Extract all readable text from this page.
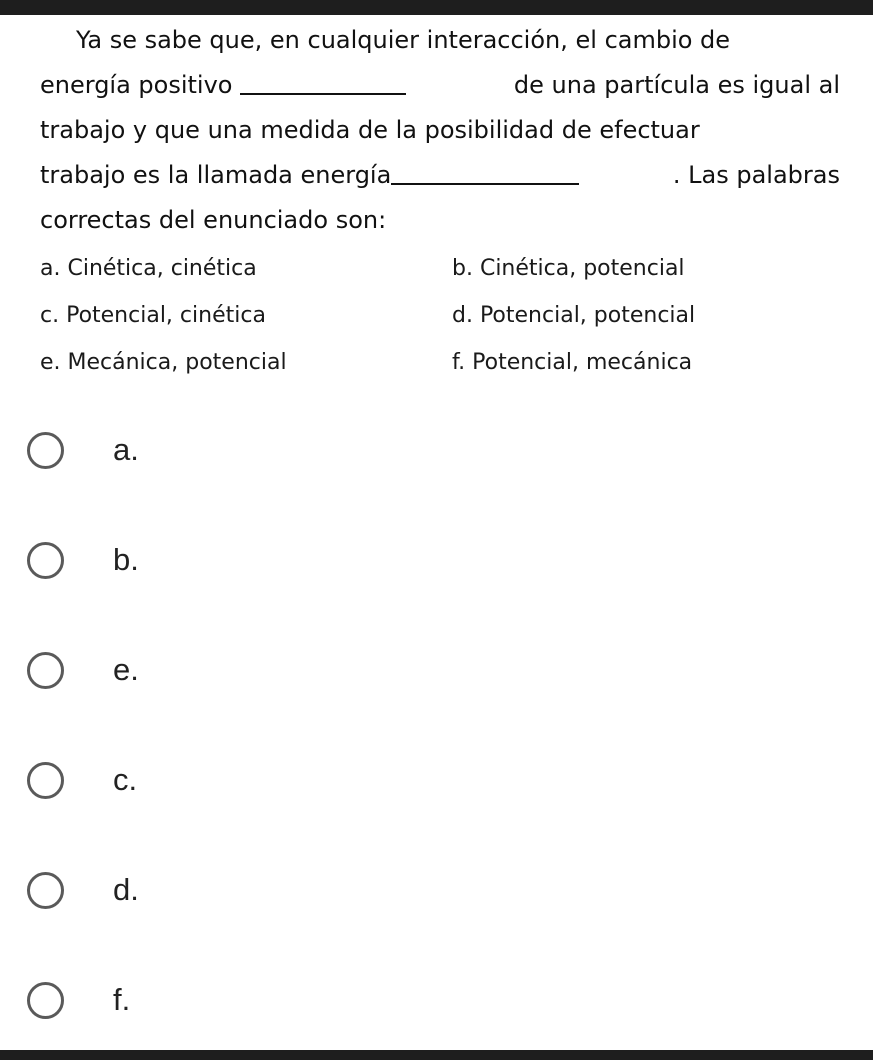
Ya se sabe que, en cualquier interacción, el cambio de
energía positivo	de una partícula es igual al
trabajo y que una medida de la posibilidad de efectuar
trabajo es la llamada energía	. Las palabras
correctas del enunciado son:
a. Cinética, cinética	b. Cinética, potencial
c. Potencial, cinética	d. Potencial, potencial
e. Mecánica, potencial	f. Potencial, mecánica
a.
b.
e.
c.
d.
f.
